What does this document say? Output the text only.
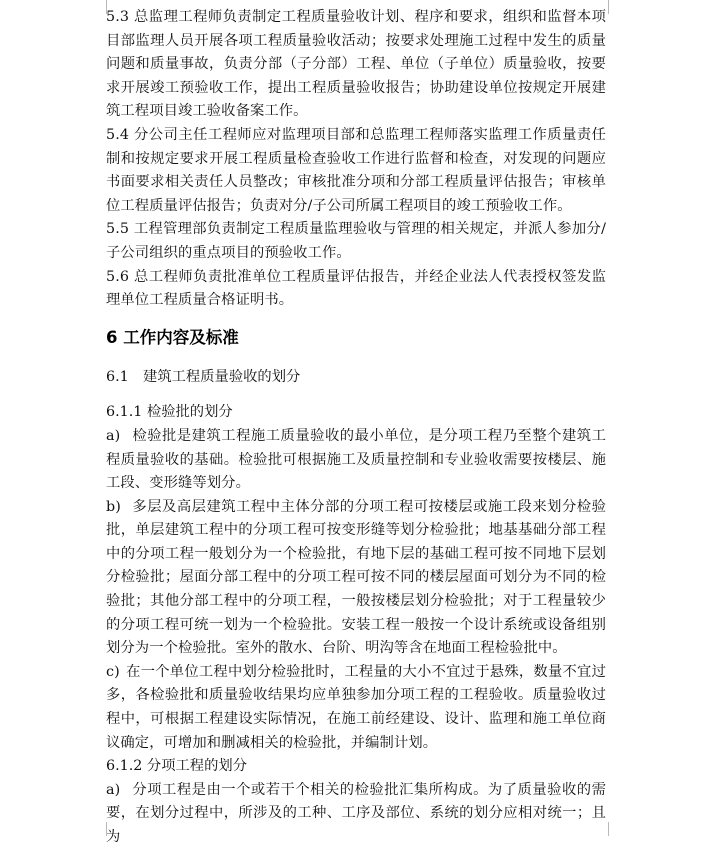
5.3 总监理工程师负责制定工程质量验收计划、程序和要求，组织和监督本项目部监理人员开展各项工程质量验收活动；按要求处理施工过程中发生的质量问题和质量事故，负责分部（子分部）工程、单位（子单位）质量验收，按要求开展竣工预验收工作，提出工程质量验收报告；协助建设单位按规定开展建筑工程项目竣工验收备案工作。

5.4 分公司主任工程师应对监理项目部和总监理工程师落实监理工作质量责任制和按规定要求开展工程质量检查验收工作进行监督和检查，对发现的问题应书面要求相关责任人员整改；审核批准分项和分部工程质量评估报告；审核单位工程质量评估报告；负责对分/子公司所属工程项目的竣工预验收工作。

5.5 工程管理部负责制定工程质量监理验收与管理的相关规定，并派人参加分/子公司组织的重点项目的预验收工作。

5.6 总工程师负责批准单位工程质量评估报告，并经企业法人代表授权签发监理单位工程质量合格证明书。

6 工作内容及标准

6.1　建筑工程质量验收的划分

6.1.1 检验批的划分

a) 检验批是建筑工程施工质量验收的最小单位，是分项工程乃至整个建筑工程质量验收的基础。检验批可根据施工及质量控制和专业验收需要按楼层、施工段、变形缝等划分。

b) 多层及高层建筑工程中主体分部的分项工程可按楼层或施工段来划分检验批，单层建筑工程中的分项工程可按变形缝等划分检验批；地基基础分部工程中的分项工程一般划分为一个检验批，有地下层的基础工程可按不同地下层划分检验批；屋面分部工程中的分项工程可按不同的楼层屋面可划分为不同的检验批；其他分部工程中的分项工程，一般按楼层划分检验批；对于工程量较少的分项工程可统一划为一个检验批。安装工程一般按一个设计系统或设备组别划分为一个检验批。室外的散水、台阶、明沟等含在地面工程检验批中。

c) 在一个单位工程中划分检验批时，工程量的大小不宜过于悬殊，数量不宜过多，各检验批和质量验收结果均应单独参加分项工程的工程验收。质量验收过程中，可根据工程建设实际情况，在施工前经建设、设计、监理和施工单位商议确定，可增加和删减相关的检验批，并编制计划。

6.1.2 分项工程的划分

a) 分项工程是由一个或若干个相关的检验批汇集所构成。为了质量验收的需要，在划分过程中，所涉及的工种、工序及部位、系统的划分应相对统一；且为
